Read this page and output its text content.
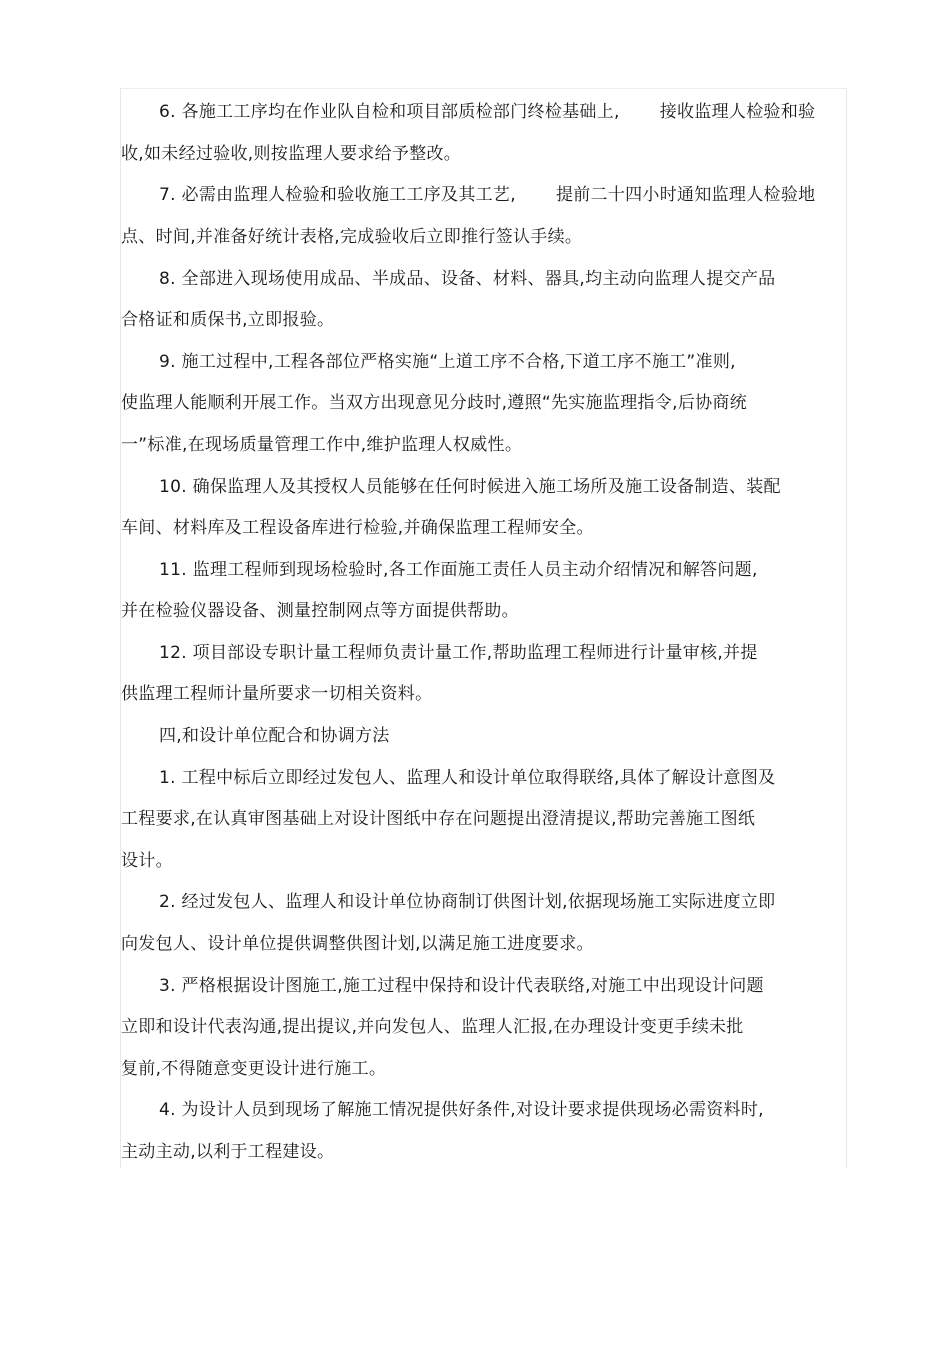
6. 各施工工序均在作业队自检和项目部质检部门终检基础上, 接收监理人检验和验

收,如未经过验收,则按监理人要求给予整改。

7. 必需由监理人检验和验收施工工序及其工艺, 提前二十四小时通知监理人检验地

点、时间,并准备好统计表格,完成验收后立即推行签认手续。

8. 全部进入现场使用成品、半成品、设备、材料、器具,均主动向监理人提交产品

合格证和质保书,立即报验。

9. 施工过程中,工程各部位严格实施“上道工序不合格,下道工序不施工”准则,

使监理人能顺利开展工作。当双方出现意见分歧时,遵照“先实施监理指令,后协商统

一”标准,在现场质量管理工作中,维护监理人权威性。

10. 确保监理人及其授权人员能够在任何时候进入施工场所及施工设备制造、装配

车间、材料库及工程设备库进行检验,并确保监理工程师安全。

11. 监理工程师到现场检验时,各工作面施工责任人员主动介绍情况和解答问题,

并在检验仪器设备、测量控制网点等方面提供帮助。

12. 项目部设专职计量工程师负责计量工作,帮助监理工程师进行计量审核,并提

供监理工程师计量所要求一切相关资料。

四,和设计单位配合和协调方法

1. 工程中标后立即经过发包人、监理人和设计单位取得联络,具体了解设计意图及

工程要求,在认真审图基础上对设计图纸中存在问题提出澄清提议,帮助完善施工图纸

设计。

2. 经过发包人、监理人和设计单位协商制订供图计划,依据现场施工实际进度立即

向发包人、设计单位提供调整供图计划,以满足施工进度要求。

3. 严格根据设计图施工,施工过程中保持和设计代表联络,对施工中出现设计问题

立即和设计代表沟通,提出提议,并向发包人、监理人汇报,在办理设计变更手续未批

复前,不得随意变更设计进行施工。

4. 为设计人员到现场了解施工情况提供好条件,对设计要求提供现场必需资料时,

主动主动,以利于工程建设。
